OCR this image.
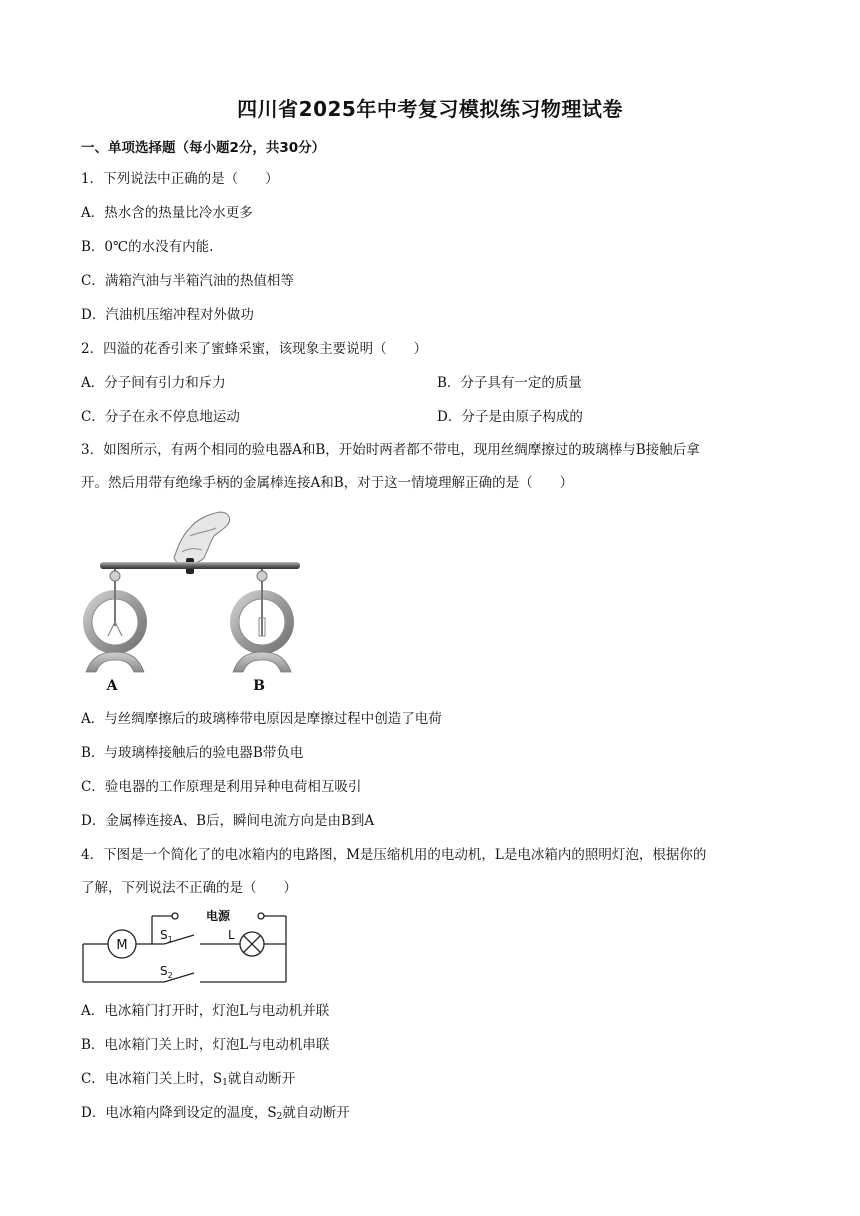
四川省2025年中考复习模拟练习物理试卷
一、单项选择题（每小题2分，共30分）
1．下列说法中正确的是（　　）
A．热水含的热量比冷水更多
B．0℃的水没有内能.
C．满箱汽油与半箱汽油的热值相等
D．汽油机压缩冲程对外做功
2．四溢的花香引来了蜜蜂采蜜，该现象主要说明（　　）
A．分子间有引力和斥力	B．分子具有一定的质量
C．分子在永不停息地运动	D．分子是由原子构成的
3．如图所示，有两个相同的验电器A和B，开始时两者都不带电，现用丝绸摩擦过的玻璃棒与B接触后拿
开。然后用带有绝缘手柄的金属棒连接A和B，对于这一情境理解正确的是（　　）
A	B
A．与丝绸摩擦后的玻璃棒带电原因是摩擦过程中创造了电荷
B．与玻璃棒接触后的验电器B带负电
C．验电器的工作原理是利用异种电荷相互吸引
D．金属棒连接A、B后，瞬间电流方向是由B到A
4．下图是一个简化了的电冰箱内的电路图，M是压缩机用的电动机，L是电冰箱内的照明灯泡，根据你的
了解，下列说法不正确的是（　　）
电源
M
$S_1$	L
$S_2$
A．电冰箱门打开时，灯泡L与电动机并联
B．电冰箱门关上时，灯泡L与电动机串联
C．电冰箱门关上时，$S_1$就自动断开
D．电冰箱内降到设定的温度，$S_2$就自动断开
